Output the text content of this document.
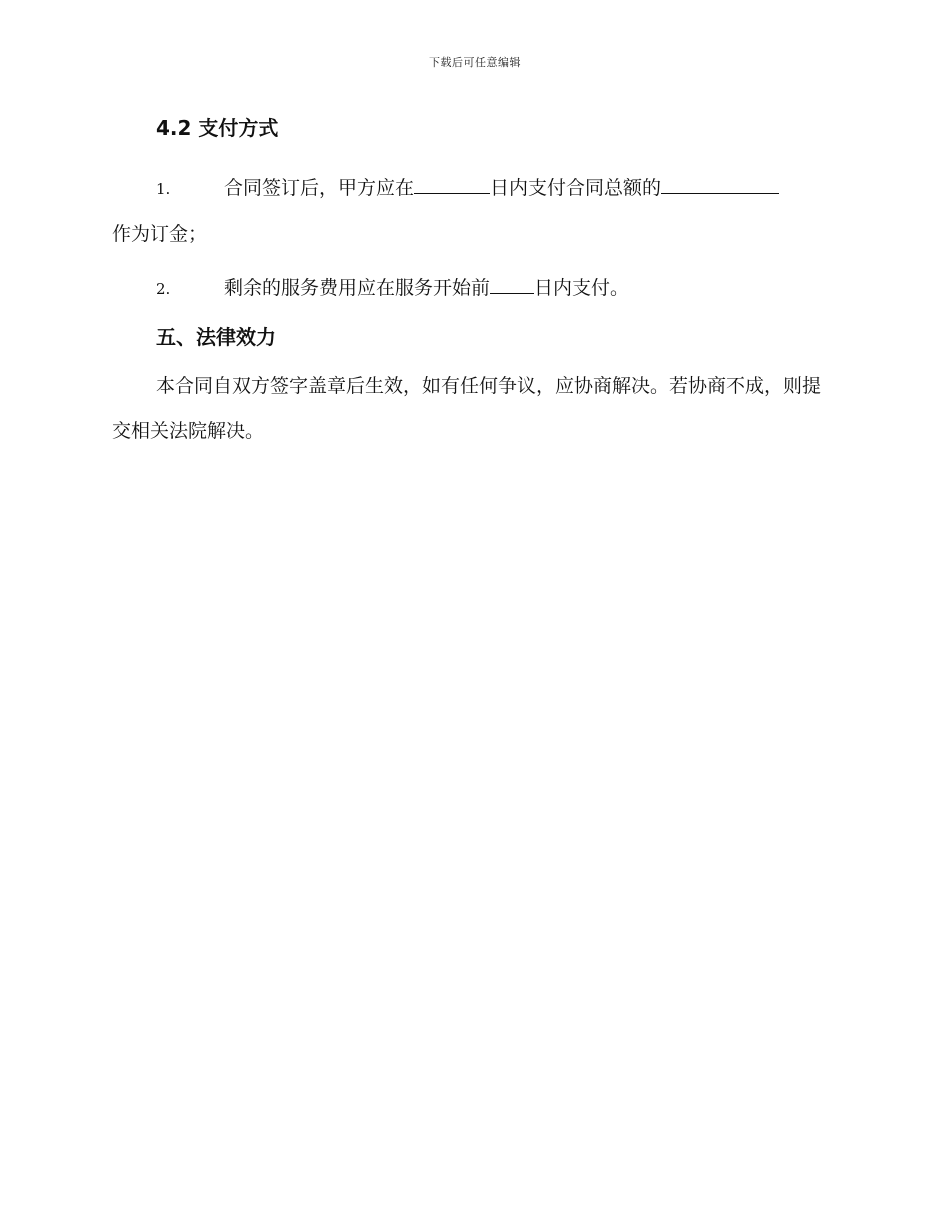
下载后可任意编辑
4.2 支付方式
1.	合同签订后，甲方应在	日内支付合同总额的
作为订金；
2.	剩余的服务费用应在服务开始前 日内支付。
五、法律效力

本合同自双方签字盖章后生效，如有任何争议，应协商解决。若协商不成，则提交相关法院解决。
